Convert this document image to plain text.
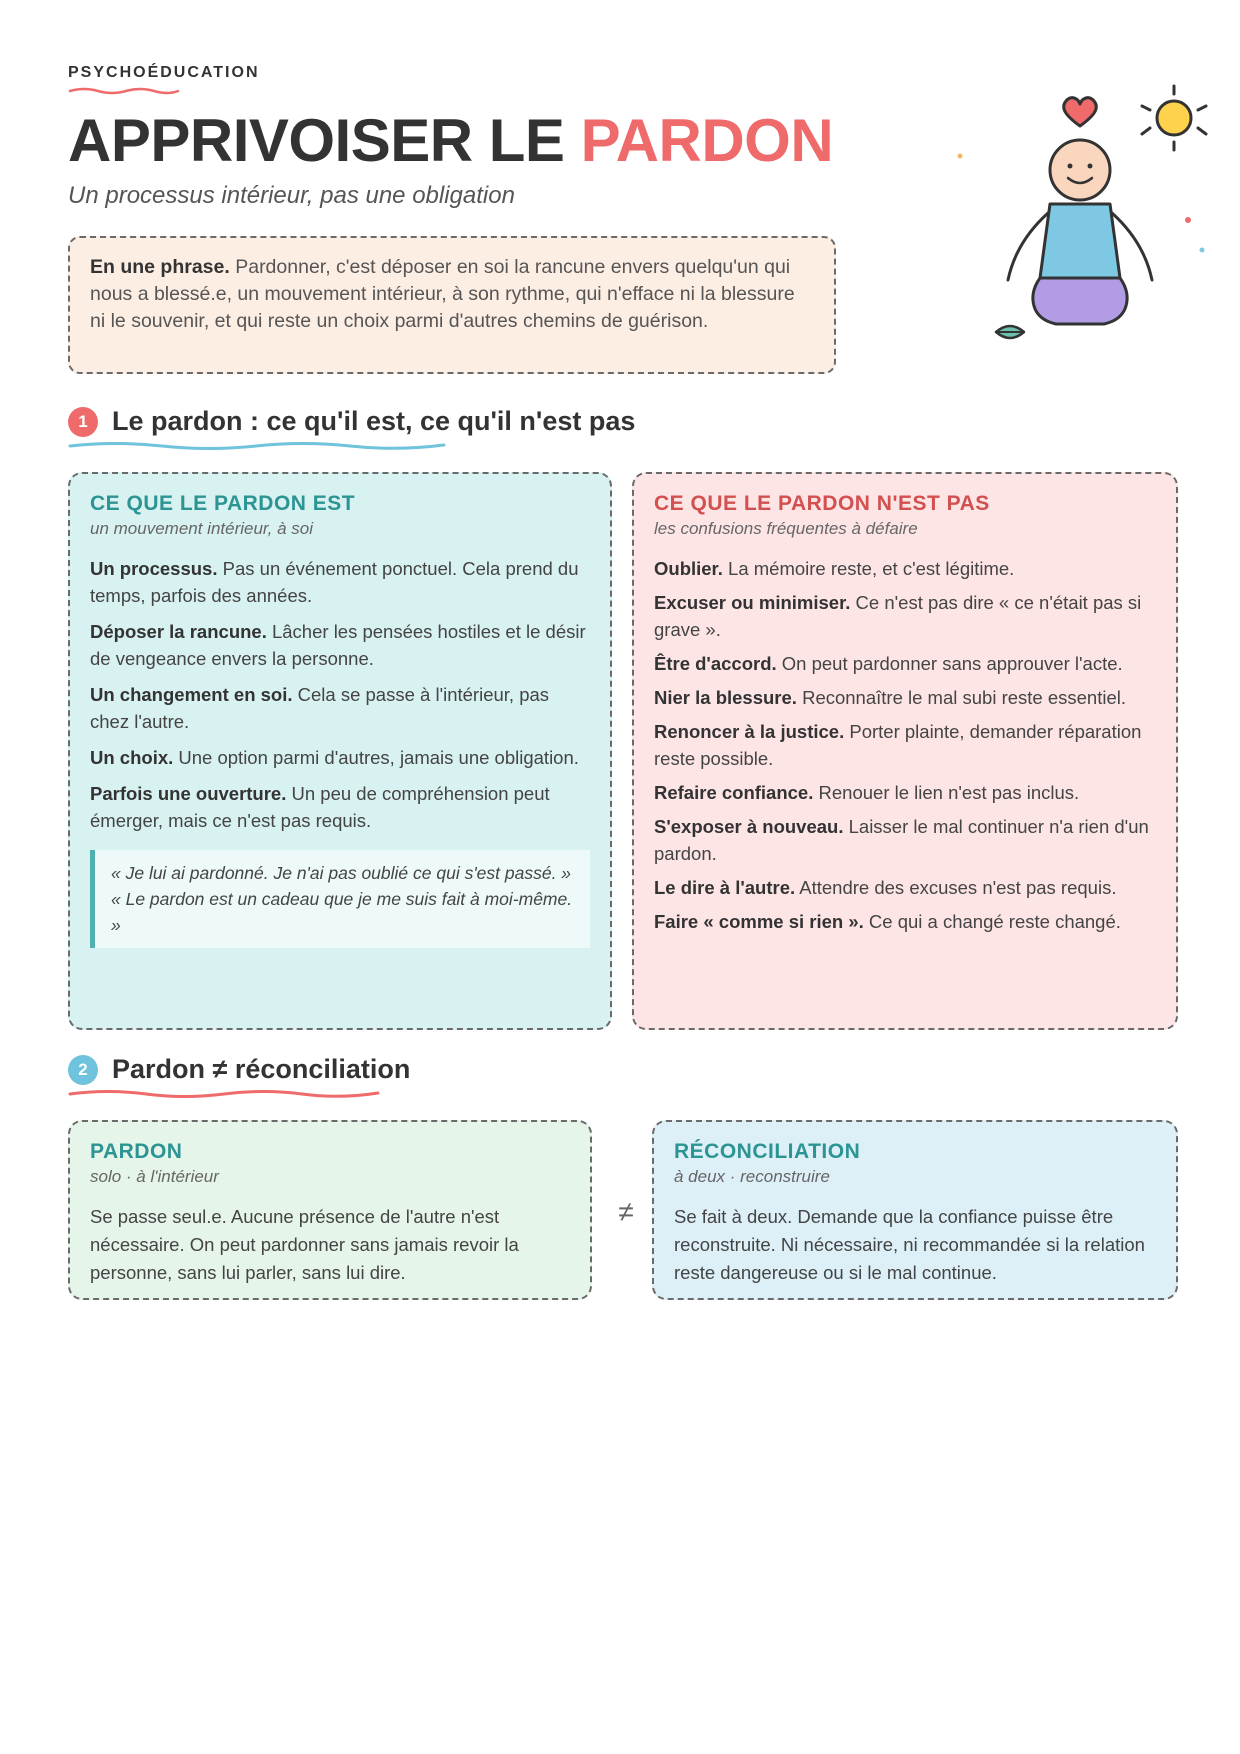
PSYCHOÉDUCATION
APPRIVOISER LE PARDON
Un processus intérieur, pas une obligation
En une phrase. Pardonner, c'est déposer en soi la rancune envers quelqu'un qui nous a blessé.e, un mouvement intérieur, à son rythme, qui n'efface ni la blessure ni le souvenir, et qui reste un choix parmi d'autres chemins de guérison.
1 Le pardon : ce qu'il est, ce qu'il n'est pas
CE QUE LE PARDON EST
un mouvement intérieur, à soi
Un processus. Pas un événement ponctuel. Cela prend du temps, parfois des années.
Déposer la rancune. Lâcher les pensées hostiles et le désir de vengeance envers la personne.
Un changement en soi. Cela se passe à l'intérieur, pas chez l'autre.
Un choix. Une option parmi d'autres, jamais une obligation.
Parfois une ouverture. Un peu de compréhension peut émerger, mais ce n'est pas requis.
« Je lui ai pardonné. Je n'ai pas oublié ce qui s'est passé. »
« Le pardon est un cadeau que je me suis fait à moi-même. »
CE QUE LE PARDON N'EST PAS
les confusions fréquentes à défaire
Oublier. La mémoire reste, et c'est légitime.
Excuser ou minimiser. Ce n'est pas dire « ce n'était pas si grave ».
Être d'accord. On peut pardonner sans approuver l'acte.
Nier la blessure. Reconnaître le mal subi reste essentiel.
Renoncer à la justice. Porter plainte, demander réparation reste possible.
Refaire confiance. Renouer le lien n'est pas inclus.
S'exposer à nouveau. Laisser le mal continuer n'a rien d'un pardon.
Le dire à l'autre. Attendre des excuses n'est pas requis.
Faire « comme si rien ». Ce qui a changé reste changé.
2 Pardon ≠ réconciliation
PARDON
solo · à l'intérieur
Se passe seul.e. Aucune présence de l'autre n'est nécessaire. On peut pardonner sans jamais revoir la personne, sans lui parler, sans lui dire.
≠
RÉCONCILIATION
à deux · reconstruire
Se fait à deux. Demande que la confiance puisse être reconstruite. Ni nécessaire, ni recommandée si la relation reste dangereuse ou si le mal continue.
